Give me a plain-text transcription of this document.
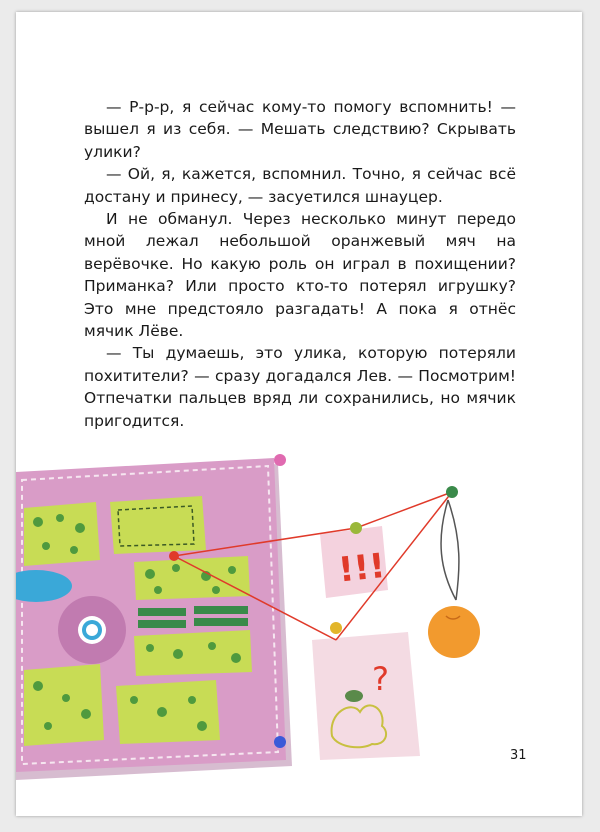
— Р-р-р, я сейчас кому-то помогу вспомнить! — вышел я из себя. — Мешать следствию? Скрывать улики?

— Ой, я, кажется, вспомнил. Точно, я сейчас всё достану и принесу, — засуетился шнауцер.

И не обманул. Через несколько минут передо мной лежал небольшой оранжевый мяч на верёвочке. Но какую роль он играл в похищении? Приманка? Или просто кто-то потерял игрушку? Это мне предстояло разгадать! А пока я отнёс мячик Лёве.

— Ты думаешь, это улика, которую потеряли похитители? — сразу догадался Лев. — Посмотрим! Отпечатки пальцев вряд ли сохранились, но мячик пригодится.

!!!
?
31
